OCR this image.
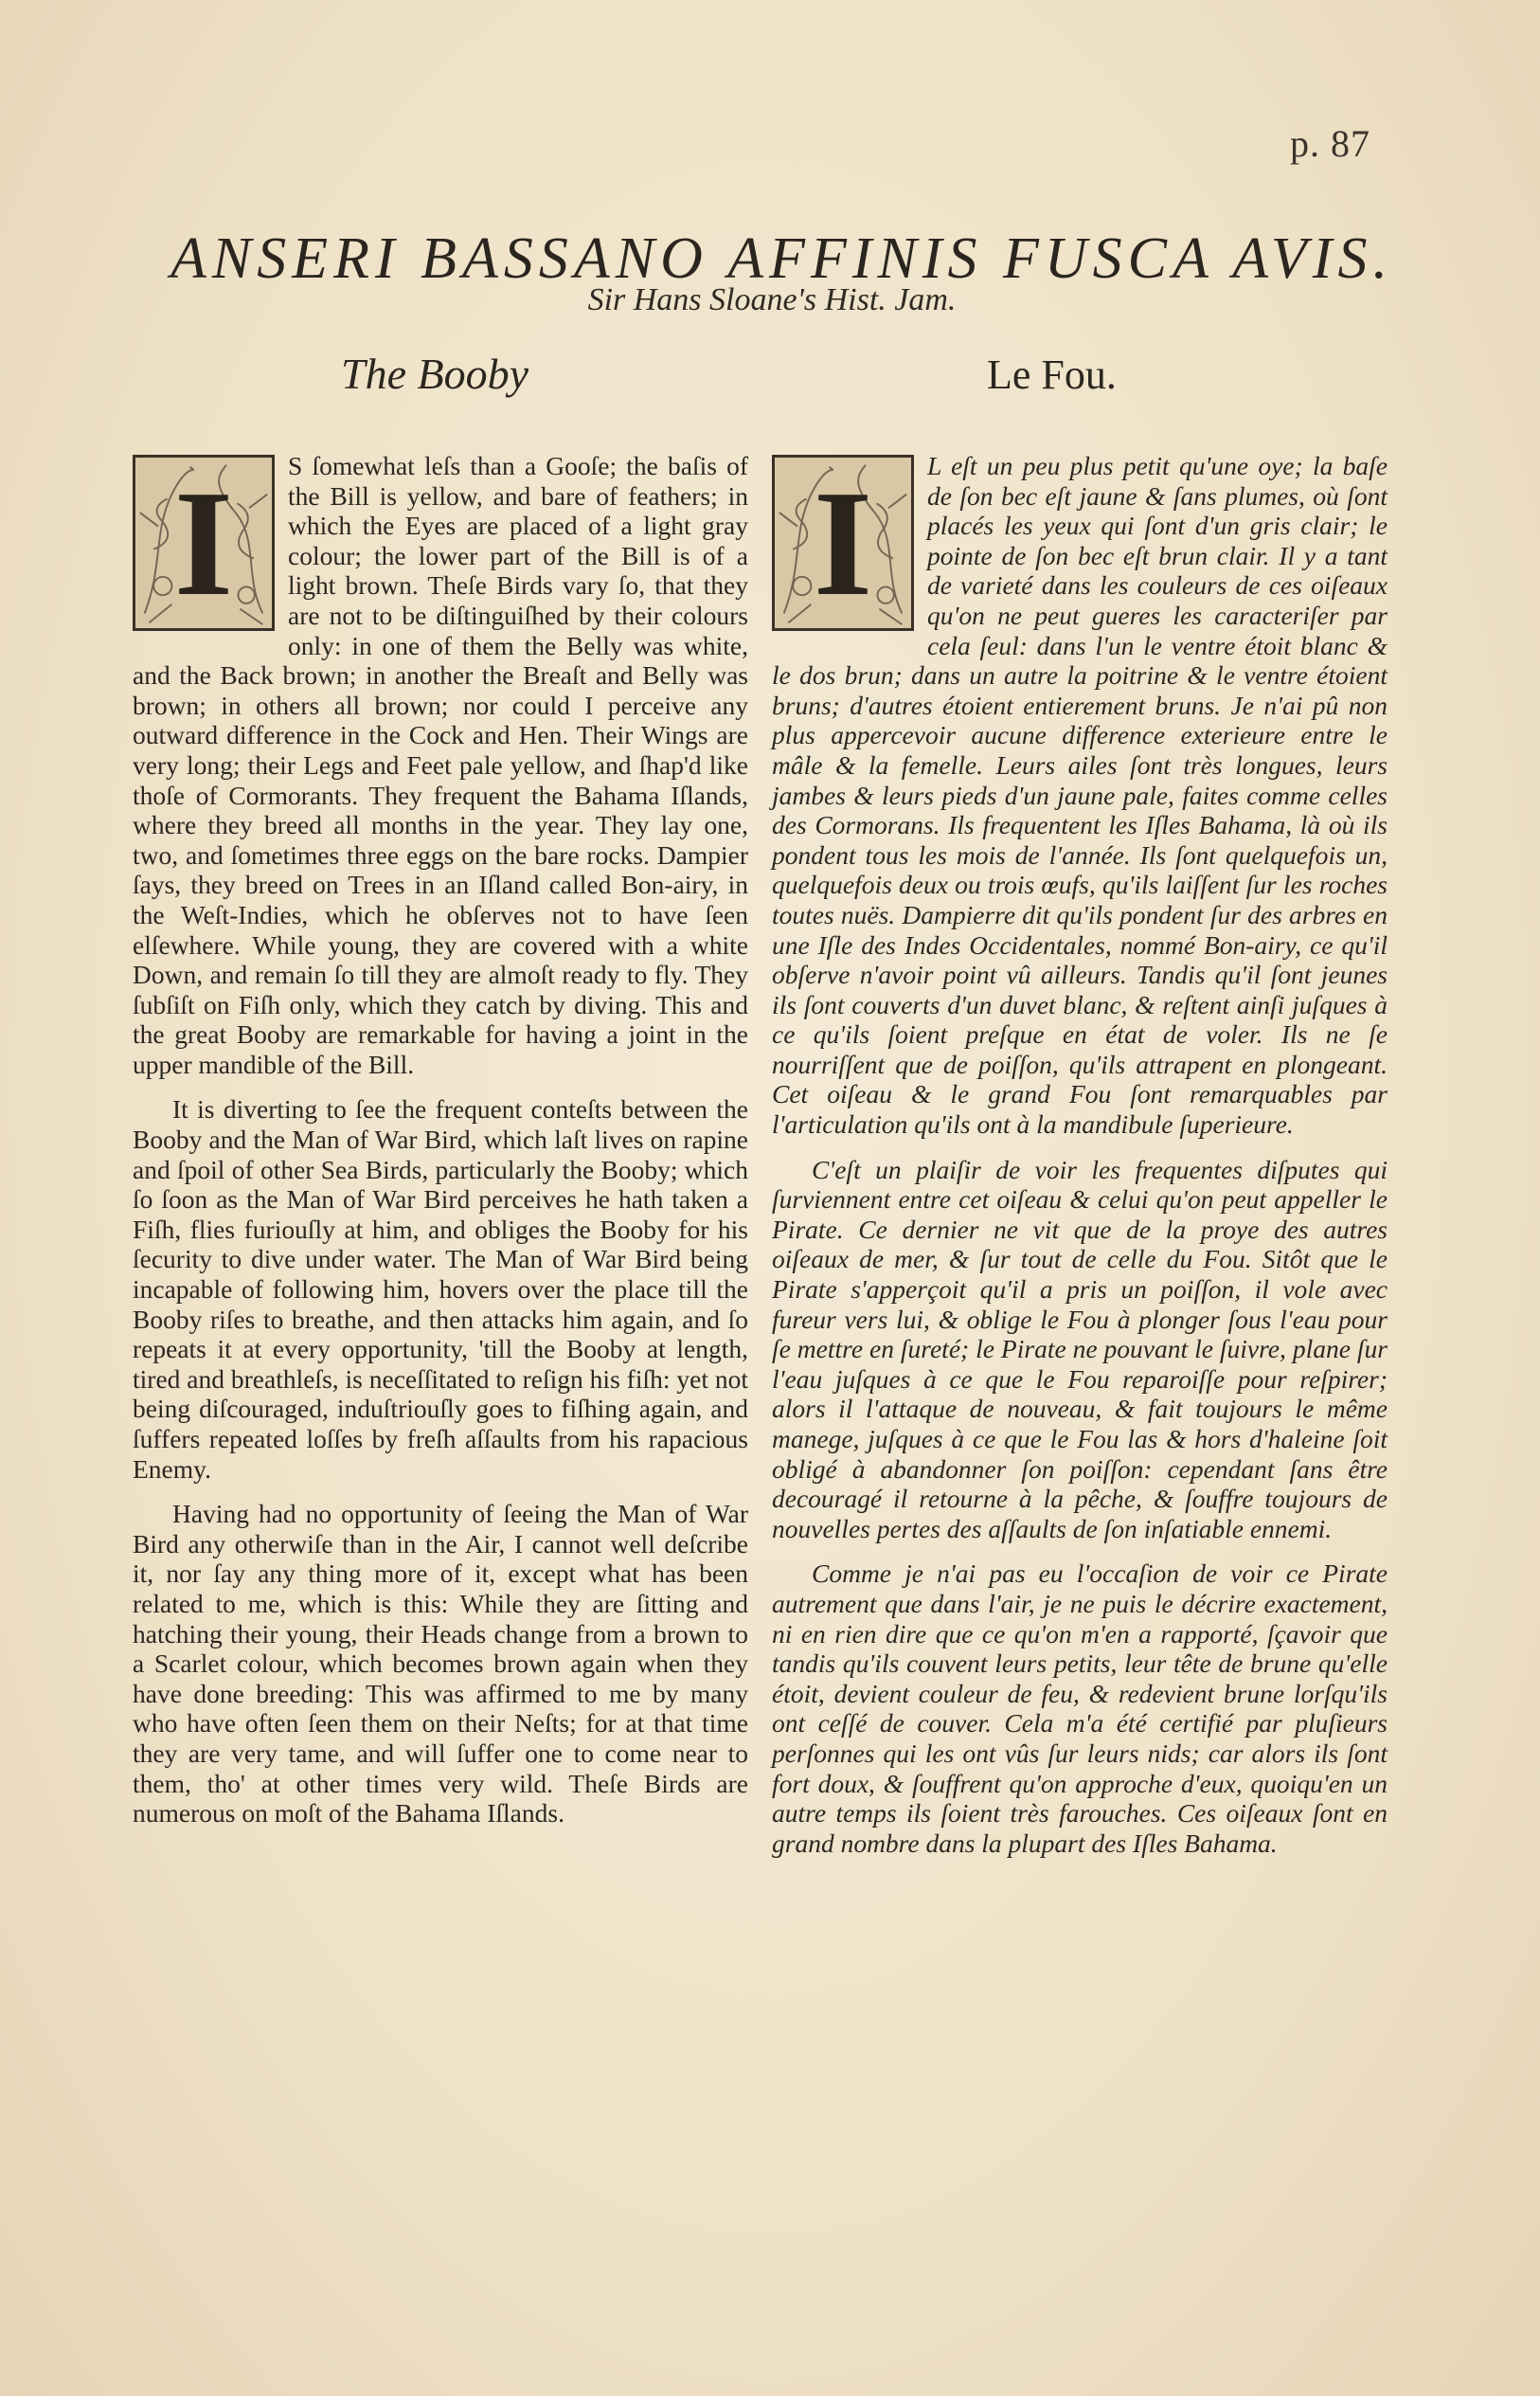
p. 87
ANSERI BASSANO AFFINIS FUSCA AVIS.
Sir Hans Sloane's Hist. Jam.
The Booby	Le Fou.

I	S ſomewhat leſs than a Gooſe; the baſis of the Bill is yellow, and bare of feathers; in which the Eyes are placed of a light gray colour; the lower part of the Bill is of a light brown. Theſe Birds vary ſo, that they are not to be diſtinguiſhed by their colours only: in one of them the Belly was white, and the Back brown; in another the Breaſt and Belly was brown; in others all brown; nor could I perceive any outward difference in the Cock and Hen. Their Wings are very long; their Legs and Feet pale yellow, and ſhap'd like thoſe of Cormorants. They frequent the Bahama Iſlands, where they breed all months in the year. They lay one, two, and ſometimes three eggs on the bare rocks. Dampier ſays, they breed on Trees in an Iſland called Bon-airy, in the Weſt-Indies, which he obſerves not to have ſeen elſewhere. While young, they are covered with a white Down, and remain ſo till they are almoſt ready to fly. They ſubſiſt on Fiſh only, which they catch by diving. This and the great Booby are remarkable for having a joint in the upper mandible of the Bill.

It is diverting to ſee the frequent conteſts between the Booby and the Man of War Bird, which laſt lives on rapine and ſpoil of other Sea Birds, particularly the Booby; which ſo ſoon as the Man of War Bird perceives he hath taken a Fiſh, flies furiouſly at him, and obliges the Booby for his ſecurity to dive under water. The Man of War Bird being incapable of following him, hovers over the place till the Booby riſes to breathe, and then attacks him again, and ſo repeats it at every opportunity, 'till the Booby at length, tired and breathleſs, is neceſſitated to reſign his fiſh: yet not being diſcouraged, induſtriouſly goes to fiſhing again, and ſuffers repeated loſſes by freſh aſſaults from his rapacious Enemy.

Having had no opportunity of ſeeing the Man of War Bird any otherwiſe than in the Air, I cannot well deſcribe it, nor ſay any thing more of it, except what has been related to me, which is this: While they are ſitting and hatching their young, their Heads change from a brown to a Scarlet colour, which becomes brown again when they have done breeding: This was affirmed to me by many who have often ſeen them on their Neſts; for at that time they are very tame, and will ſuffer one to come near to them, tho' at other times very wild. Theſe Birds are numerous on moſt of the Bahama Iſlands.

I	L eſt un peu plus petit qu'une oye; la baſe de ſon bec eſt jaune & ſans plumes, où ſont placés les yeux qui ſont d'un gris clair; le pointe de ſon bec eſt brun clair. Il y a tant de varieté dans les couleurs de ces oiſeaux qu'on ne peut gueres les caracteriſer par cela ſeul: dans l'un le ventre étoit blanc & le dos brun; dans un autre la poitrine & le ventre étoient bruns; d'autres étoient entierement bruns. Je n'ai pû non plus appercevoir aucune difference exterieure entre le mâle & la femelle. Leurs ailes ſont très longues, leurs jambes & leurs pieds d'un jaune pale, faites comme celles des Cormorans. Ils frequentent les Iſles Bahama, là où ils pondent tous les mois de l'année. Ils ſont quelquefois un, quelquefois deux ou trois œufs, qu'ils laiſſent ſur les roches toutes nuës. Dampierre dit qu'ils pondent ſur des arbres en une Iſle des Indes Occidentales, nommé Bon-airy, ce qu'il obſerve n'avoir point vû ailleurs. Tandis qu'il ſont jeunes ils ſont couverts d'un duvet blanc, & reſtent ainſi juſques à ce qu'ils ſoient preſque en état de voler. Ils ne ſe nourriſſent que de poiſſon, qu'ils attrapent en plongeant. Cet oiſeau & le grand Fou ſont remarquables par l'articulation qu'ils ont à la mandibule ſuperieure.

C'eſt un plaiſir de voir les frequentes diſputes qui ſurviennent entre cet oiſeau & celui qu'on peut appeller le Pirate. Ce dernier ne vit que de la proye des autres oiſeaux de mer, & ſur tout de celle du Fou. Sitôt que le Pirate s'apperçoit qu'il a pris un poiſſon, il vole avec fureur vers lui, & oblige le Fou à plonger ſous l'eau pour ſe mettre en ſureté; le Pirate ne pouvant le ſuivre, plane ſur l'eau juſques à ce que le Fou reparoiſſe pour reſpirer; alors il l'attaque de nouveau, & fait toujours le même manege, juſques à ce que le Fou las & hors d'haleine ſoit obligé à abandonner ſon poiſſon: cependant ſans être decouragé il retourne à la pêche, & ſouffre toujours de nouvelles pertes des aſſaults de ſon inſatiable ennemi.

Comme je n'ai pas eu l'occaſion de voir ce Pirate autrement que dans l'air, je ne puis le décrire exactement, ni en rien dire que ce qu'on m'en a rapporté, ſçavoir que tandis qu'ils couvent leurs petits, leur tête de brune qu'elle étoit, devient couleur de feu, & redevient brune lorſqu'ils ont ceſſé de couver. Cela m'a été certifié par pluſieurs perſonnes qui les ont vûs ſur leurs nids; car alors ils ſont fort doux, & ſouffrent qu'on approche d'eux, quoiqu'en un autre temps ils ſoient très farouches. Ces oiſeaux ſont en grand nombre dans la plupart des Iſles Bahama.
